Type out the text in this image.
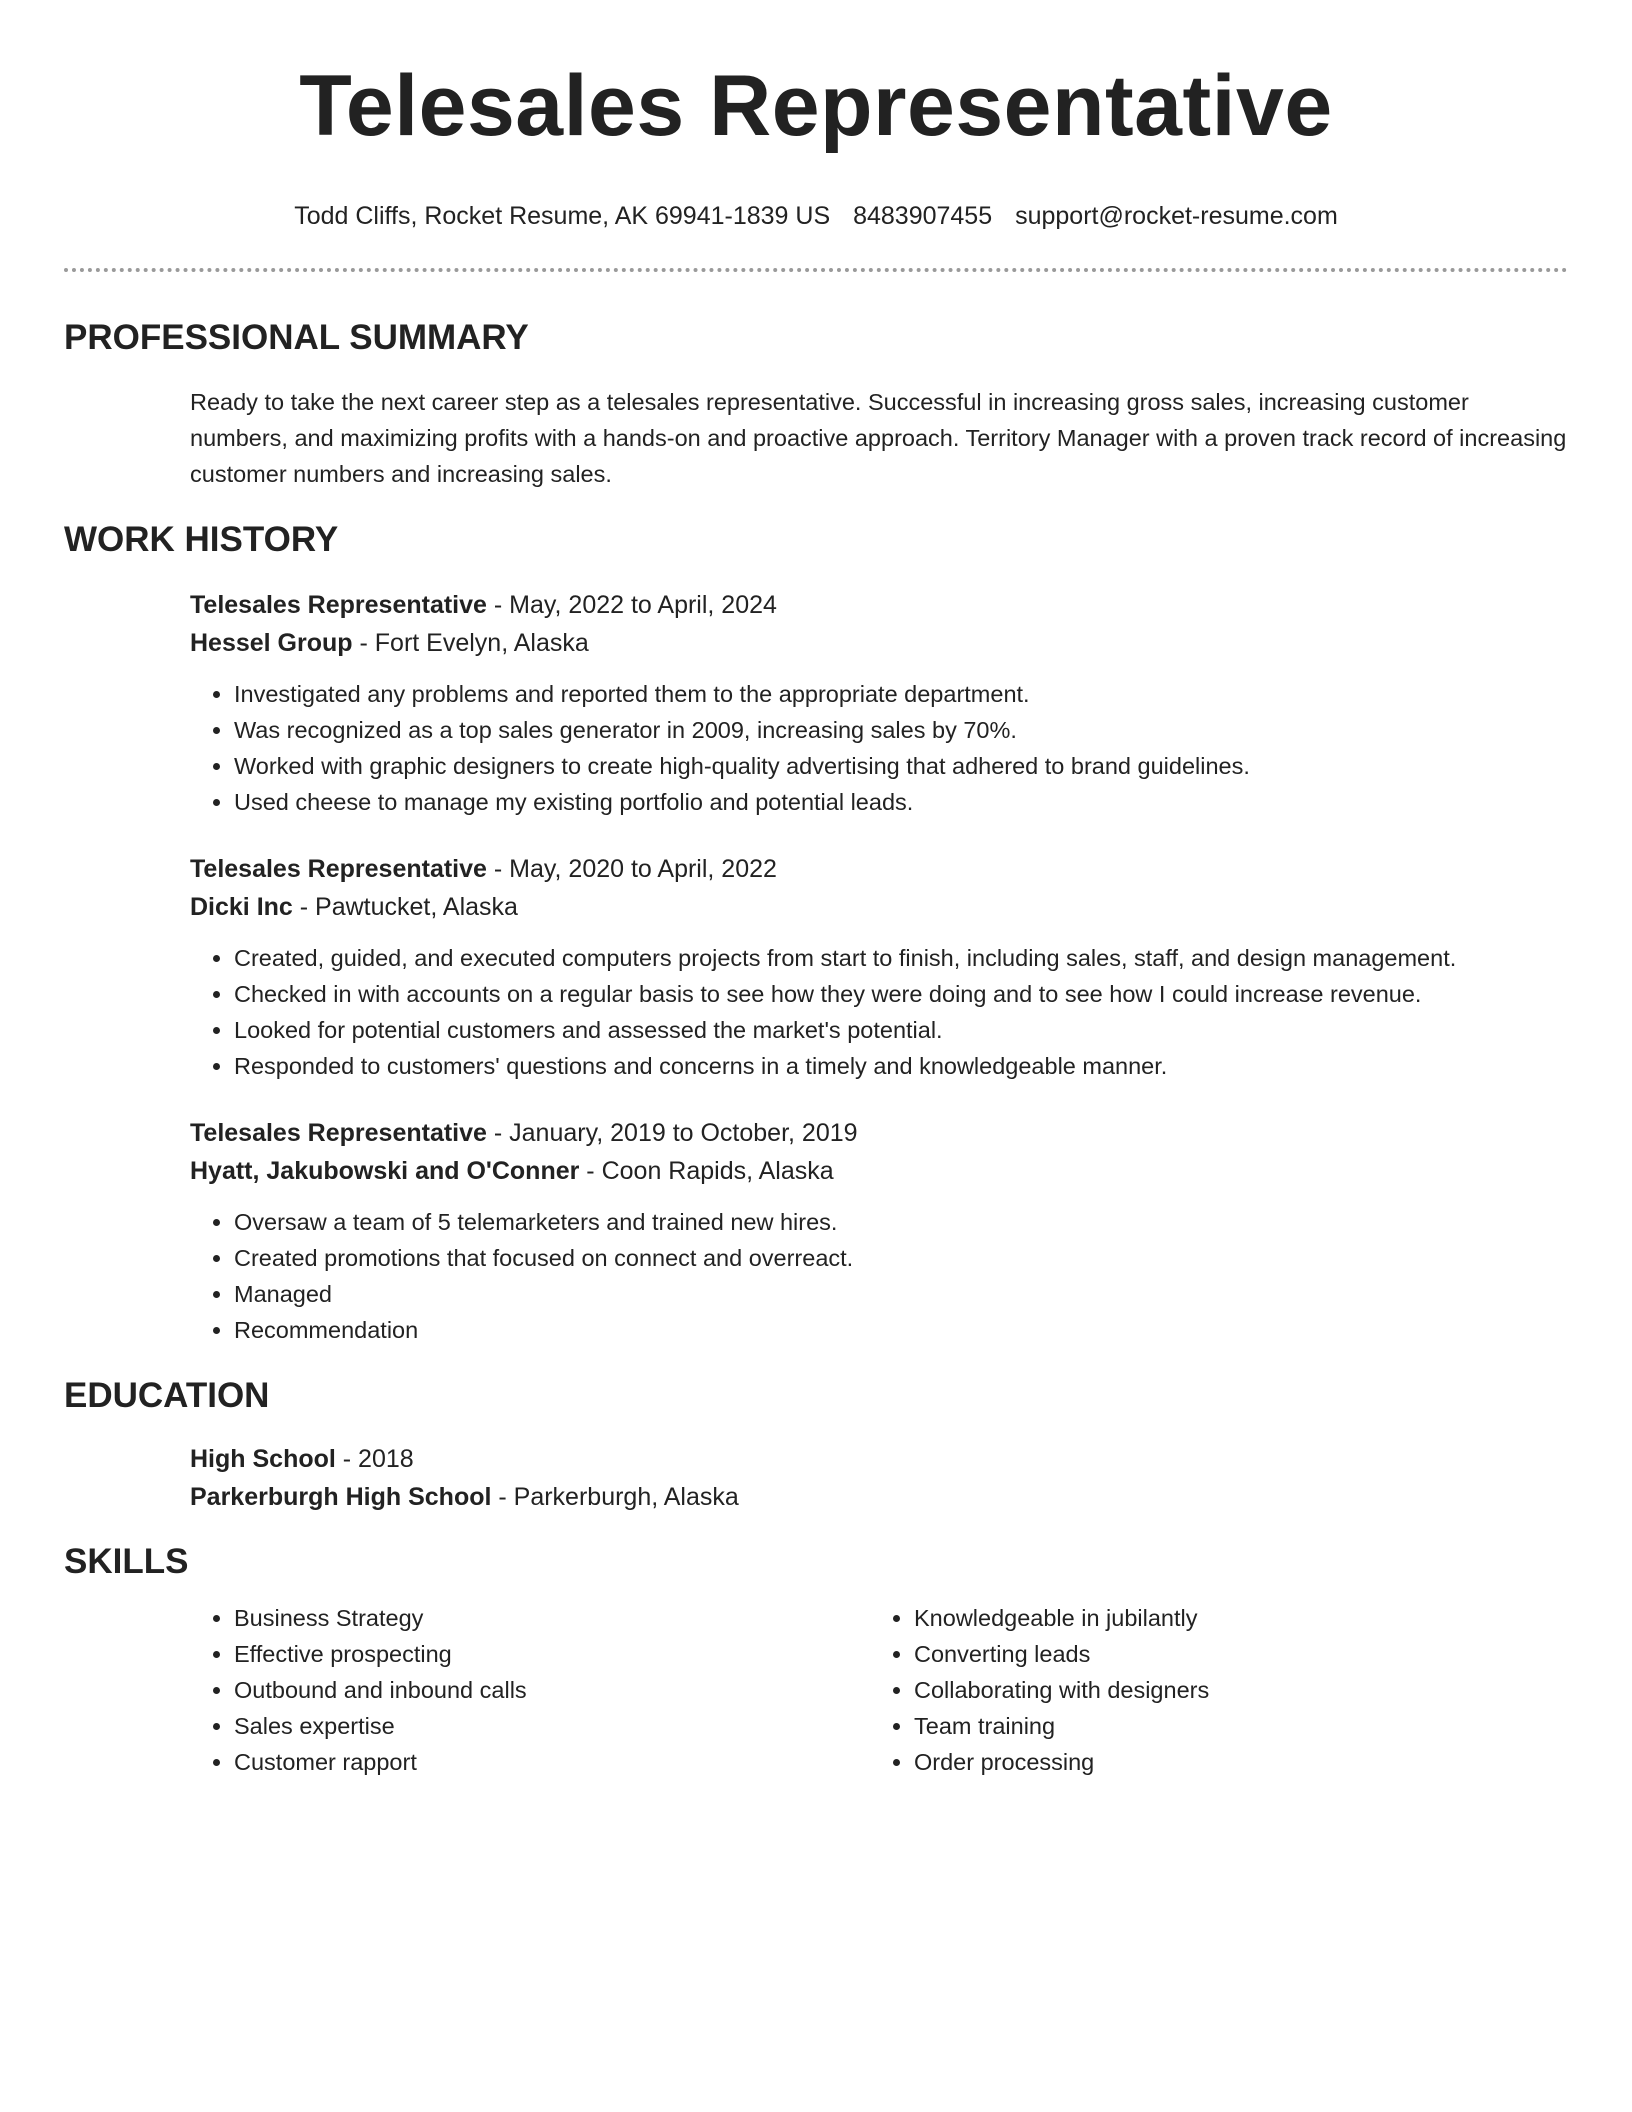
Telesales Representative
Todd Cliffs, Rocket Resume, AK 69941-1839 US 8483907455 support@rocket-resume.com
PROFESSIONAL SUMMARY
Ready to take the next career step as a telesales representative. Successful in increasing gross sales, increasing customer numbers, and maximizing profits with a hands-on and proactive approach. Territory Manager with a proven track record of increasing customer numbers and increasing sales.
WORK HISTORY
Telesales Representative - May, 2022 to April, 2024
Hessel Group - Fort Evelyn, Alaska
• Investigated any problems and reported them to the appropriate department.
• Was recognized as a top sales generator in 2009, increasing sales by 70%.
• Worked with graphic designers to create high-quality advertising that adhered to brand guidelines.
• Used cheese to manage my existing portfolio and potential leads.
Telesales Representative - May, 2020 to April, 2022
Dicki Inc - Pawtucket, Alaska
• Created, guided, and executed computers projects from start to finish, including sales, staff, and design management.
• Checked in with accounts on a regular basis to see how they were doing and to see how I could increase revenue.
• Looked for potential customers and assessed the market's potential.
• Responded to customers' questions and concerns in a timely and knowledgeable manner.
Telesales Representative - January, 2019 to October, 2019
Hyatt, Jakubowski and O'Conner - Coon Rapids, Alaska
• Oversaw a team of 5 telemarketers and trained new hires.
• Created promotions that focused on connect and overreact.
• Managed
• Recommendation
EDUCATION
High School - 2018
Parkerburgh High School - Parkerburgh, Alaska
SKILLS
• Business Strategy
• Effective prospecting
• Outbound and inbound calls
• Sales expertise
• Customer rapport
• Knowledgeable in jubilantly
• Converting leads
• Collaborating with designers
• Team training
• Order processing
